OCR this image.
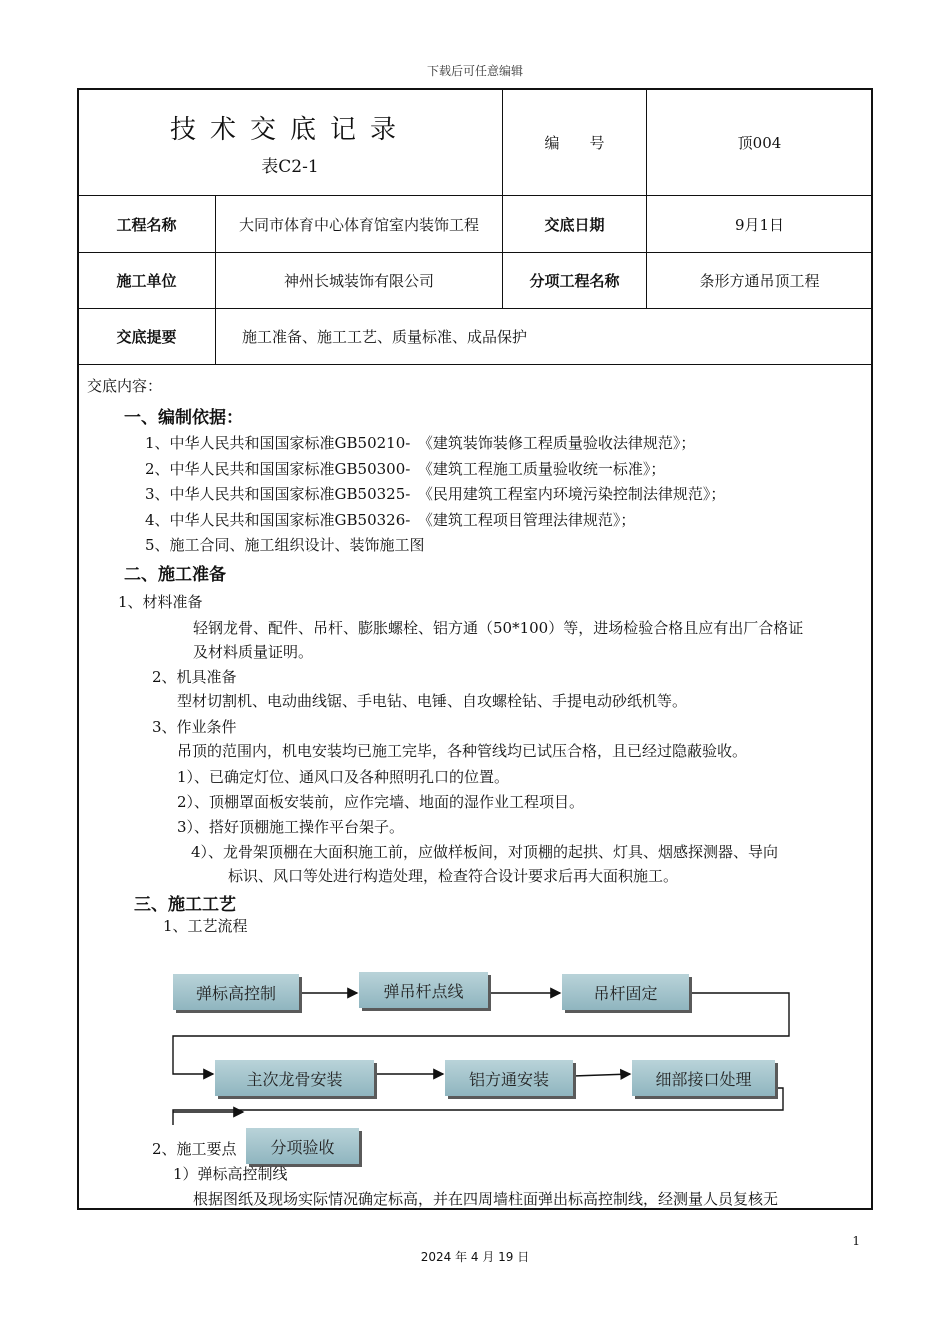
下载后可任意编辑
技术交底记录
表C2-1
编　　号	顶004
工程名称	大同市体育中心体育馆室内装饰工程	交底日期	9月1日
施工单位	神州长城装饰有限公司	分项工程名称	条形方通吊顶工程
交底提要	施工准备、施工工艺、质量标准、成品保护
交底内容：
一、编制依据：
1、中华人民共和国国家标准GB50210-　《建筑装饰装修工程质量验收法律规范》；
2、中华人民共和国国家标准GB50300-　《建筑工程施工质量验收统一标准》；
3、中华人民共和国国家标准GB50325-　《民用建筑工程室内环境污染控制法律规范》；
4、中华人民共和国国家标准GB50326-　《建筑工程项目管理法律规范》；
5、施工合同、施工组织设计、装饰施工图
二、施工准备
1、材料准备
轻钢龙骨、配件、吊杆、膨胀螺栓、铝方通（50*100）等，进场检验合格且应有出厂合格证
及材料质量证明。
2、机具准备
型材切割机、电动曲线锯、手电钻、电锤、自攻螺栓钻、手提电动砂纸机等。
3、作业条件
吊顶的范围内，机电安装均已施工完毕，各种管线均已试压合格，且已经过隐蔽验收。
1）、已确定灯位、通风口及各种照明孔口的位置。
2）、顶棚罩面板安装前，应作完墙、地面的湿作业工程项目。
3）、搭好顶棚施工操作平台架子。
4）、龙骨架顶棚在大面积施工前，应做样板间，对顶棚的起拱、灯具、烟感探测器、导向
标识、风口等处进行构造处理，检查符合设计要求后再大面积施工。
三、施工工艺
1、工艺流程
弹标高控制	弹吊杆点线	吊杆固定
主次龙骨安装	铝方通安装	细部接口处理
2、施工要点	分项验收
1）弹标高控制线
根据图纸及现场实际情况确定标高，并在四周墙柱面弹出标高控制线，经测量人员复核无
1
2024 年 4 月 19 日
